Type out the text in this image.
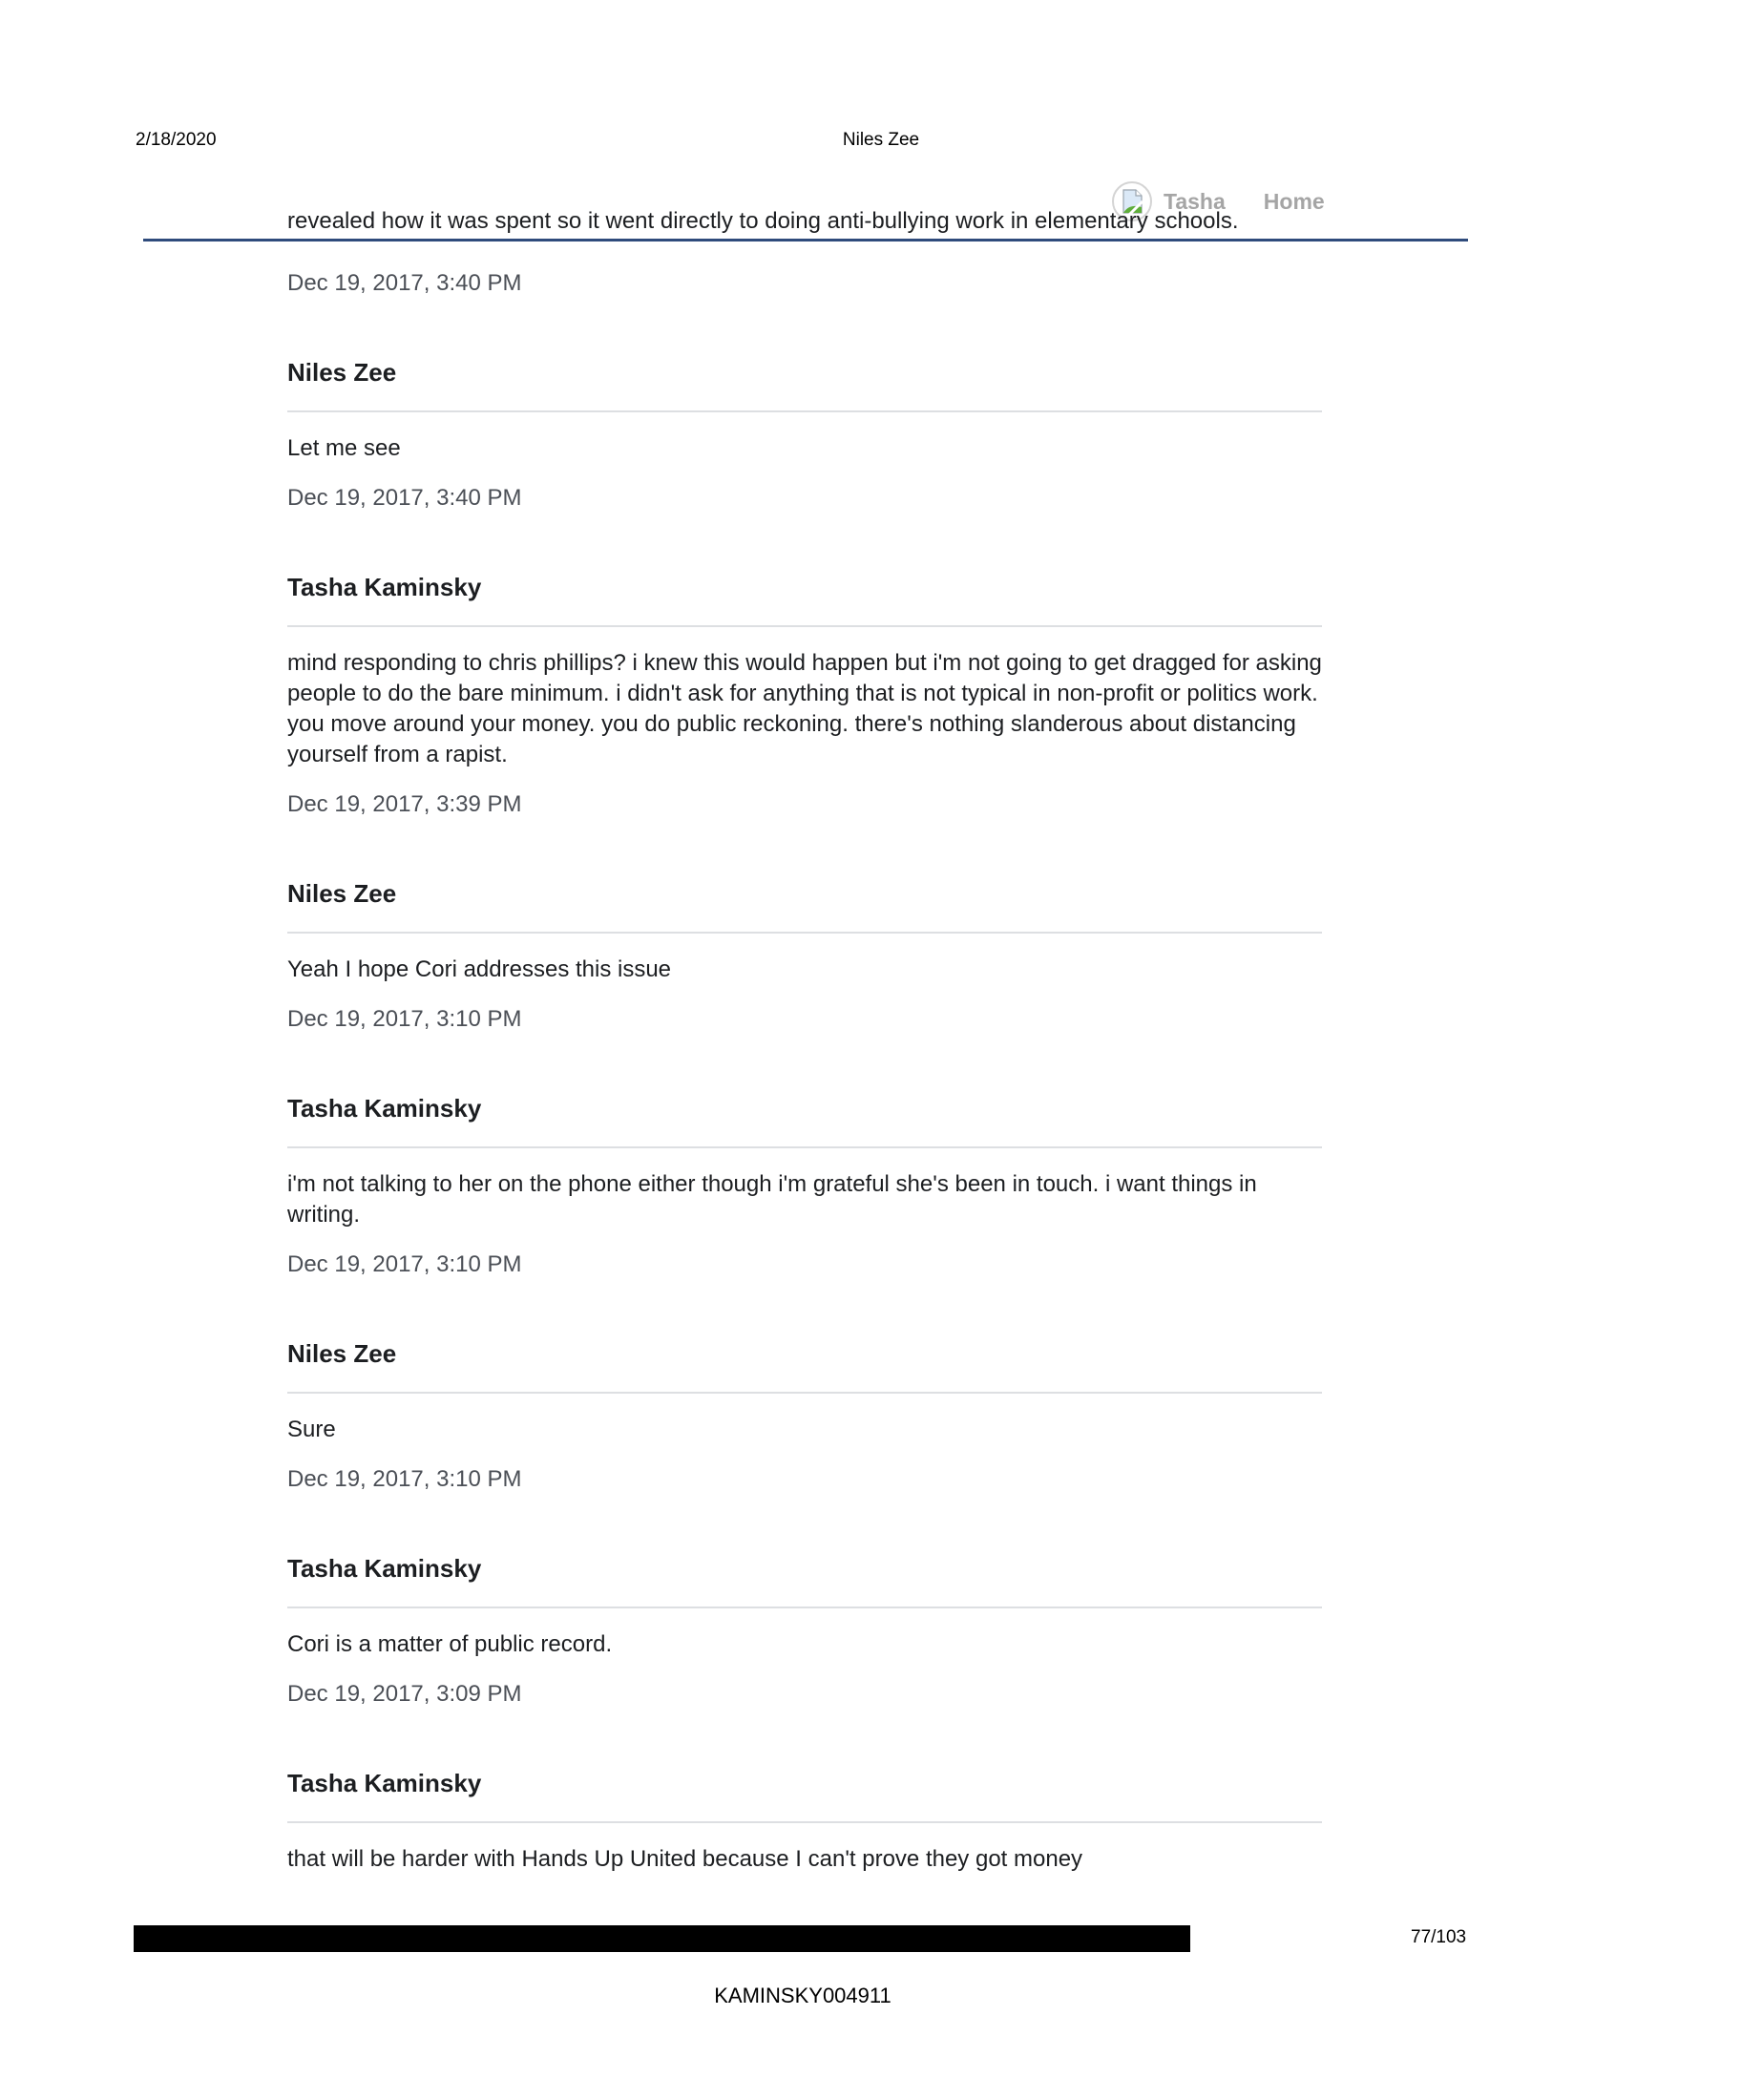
2/18/2020	Niles Zee
Tasha Home
revealed how it was spent so it went directly to doing anti-bullying work in elementary schools.
Dec 19, 2017, 3:40 PM
Niles Zee
Let me see
Dec 19, 2017, 3:40 PM
Tasha Kaminsky
mind responding to chris phillips? i knew this would happen but i'm not going to get dragged for asking people to do the bare minimum. i didn't ask for anything that is not typical in non-profit or politics work. you move around your money. you do public reckoning. there's nothing slanderous about distancing yourself from a rapist.
Dec 19, 2017, 3:39 PM
Niles Zee
Yeah I hope Cori addresses this issue
Dec 19, 2017, 3:10 PM
Tasha Kaminsky
i'm not talking to her on the phone either though i'm grateful she's been in touch. i want things in writing.
Dec 19, 2017, 3:10 PM
Niles Zee
Sure
Dec 19, 2017, 3:10 PM
Tasha Kaminsky
Cori is a matter of public record.
Dec 19, 2017, 3:09 PM
Tasha Kaminsky
that will be harder with Hands Up United because I can't prove they got money
77/103
KAMINSKY004911
